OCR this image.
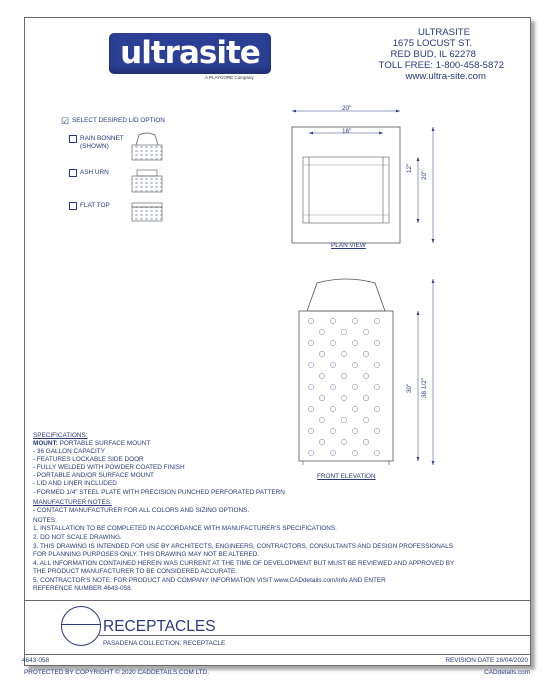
ultrasite
A PLAYCORE Company
ULTRASITE
1675 LOCUST ST.
RED BUD, IL 62278
TOLL FREE: 1-800-458-5872
www.ultra-site.com
☑ SELECT DESIRED LID OPTION
RAIN BONNET
(SHOWN)
ASH URN
FLAT TOP
20"
16"
12"
20"
PLAN VIEW
30" 38 1/2"
FRONT ELEVATION
SPECIFICATIONS:
MOUNT: PORTABLE SURFACE MOUNT
- 36 GALLON CAPACITY
- FEATURES LOCKABLE SIDE DOOR
- FULLY WELDED WITH POWDER COATED FINISH
- PORTABLE AND/OR SURFACE MOUNT
- LID AND LINER INCLUDED
- FORMED 1/4" STEEL PLATE WITH PRECISION PUNCHED PERFORATED PATTERN
MANUFACTURER NOTES:
- CONTACT MANUFACTURER FOR ALL COLORS AND SIZING OPTIONS.
NOTES:
1. INSTALLATION TO BE COMPLETED IN ACCORDANCE WITH MANUFACTURER'S SPECIFICATIONS.
2. DO NOT SCALE DRAWING.
3. THIS DRAWING IS INTENDED FOR USE BY ARCHITECTS, ENGINEERS, CONTRACTORS, CONSULTANTS AND DESIGN PROFESSIONALS
FOR PLANNING PURPOSES ONLY. THIS DRAWING MAY NOT BE ALTERED.
4. ALL INFORMATION CONTAINED HEREIN WAS CURRENT AT THE TIME OF DEVELOPMENT BUT MUST BE REVIEWED AND APPROVED BY
THE PRODUCT MANUFACTURER TO BE CONSIDERED ACCURATE.
5. CONTRACTOR'S NOTE: FOR PRODUCT AND COMPANY INFORMATION VISIT www.CADdetails.com/info AND ENTER
REFERENCE NUMBER 4643-058.
RECEPTACLES
PASADENA COLLECTION: RECEPTACLE
4643-058	REVISION DATE 16/04/2020
PROTECTED BY COPYRIGHT © 2020 CADDETAILS.COM LTD.	CADdetails.com
